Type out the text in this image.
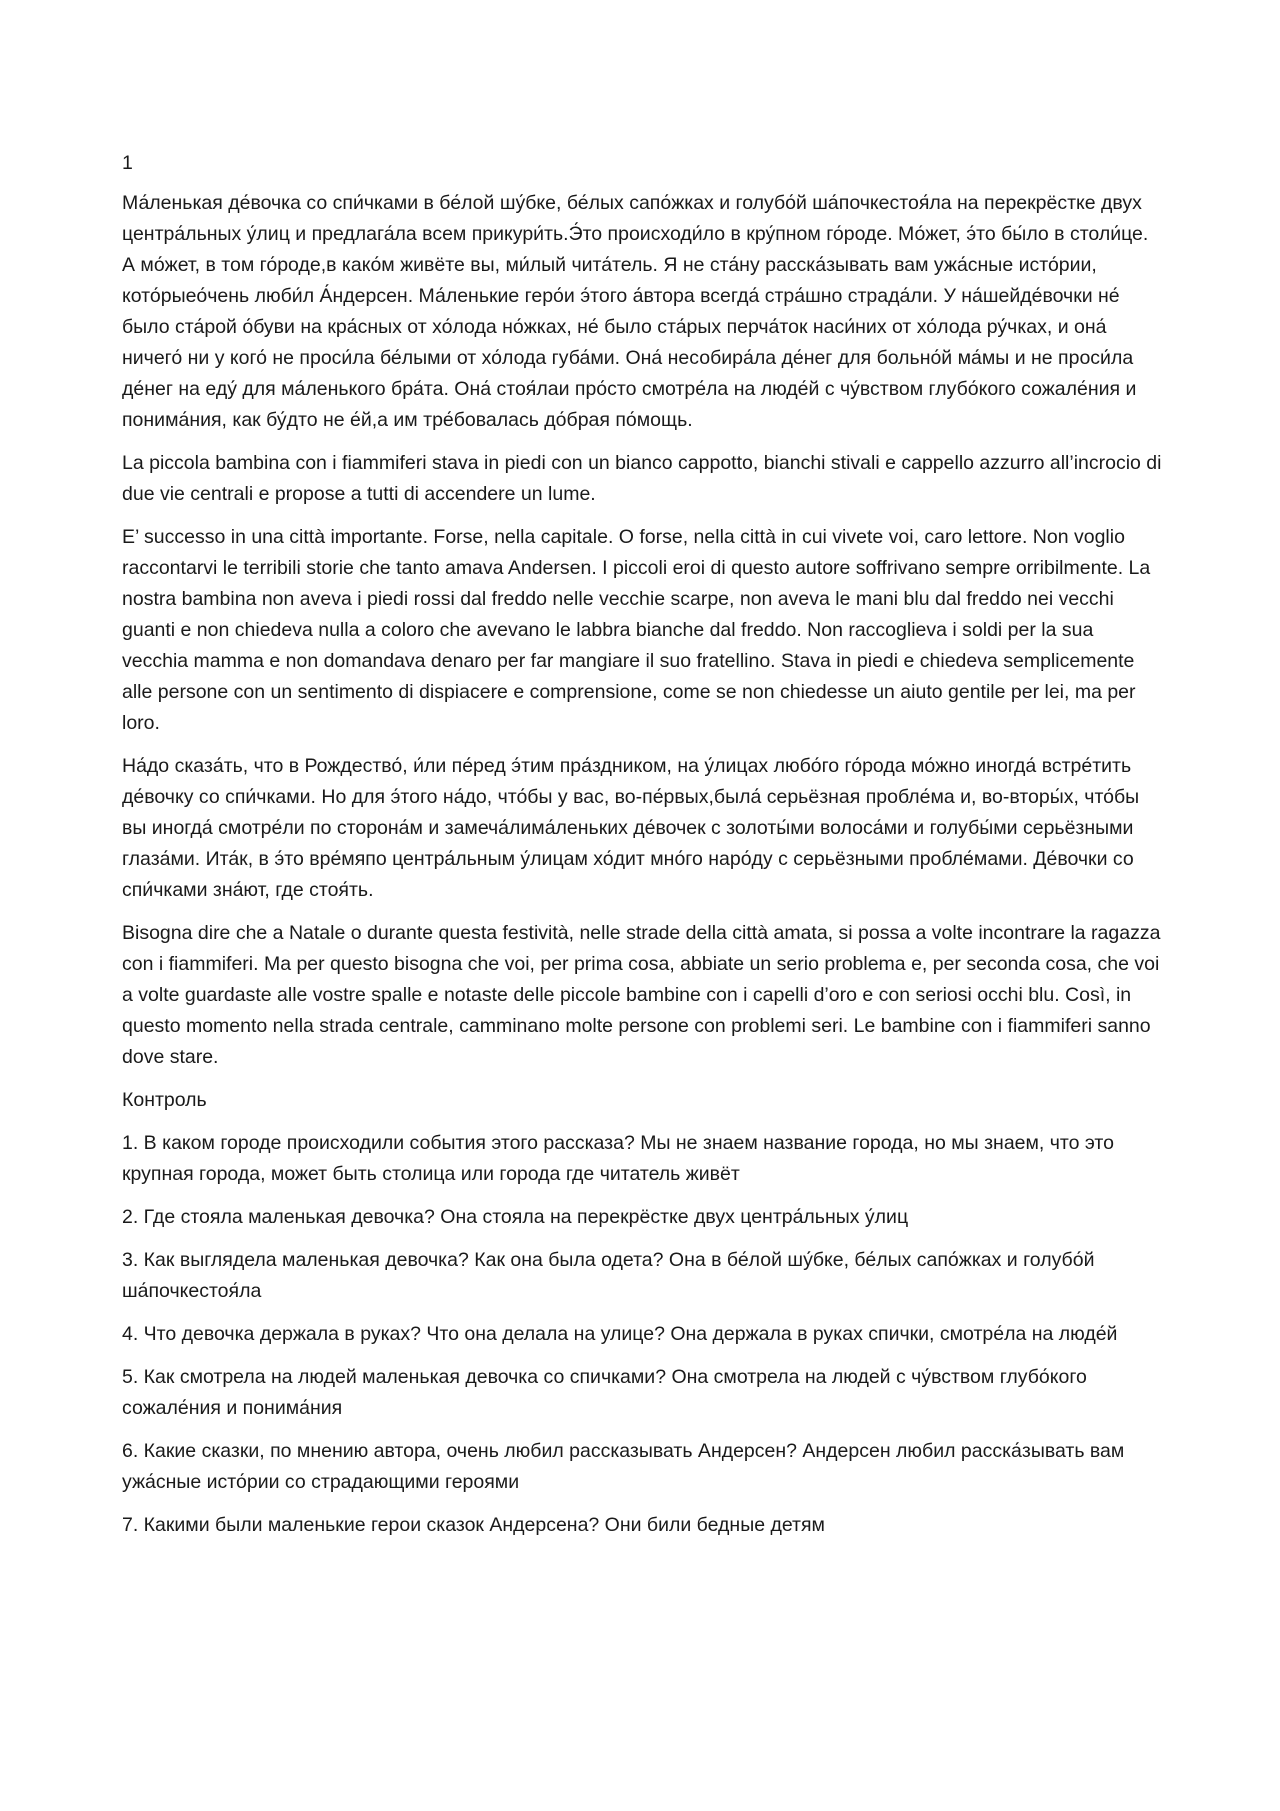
1

Ма́ленькая де́вочка со спи́чками в бе́лой шу́бке, бе́лых сапо́жках и голубо́й ша́почкестоя́ла на перекрёстке двух центра́льных у́лиц и предлага́ла всем прикури́ть.Э́то происходи́ло в кру́пном го́роде. Мо́жет, э́то бы́ло в столи́це. А мо́жет, в том го́роде,в како́м живёте вы, ми́лый чита́тель. Я не ста́ну расска́зывать вам ужа́сные исто́рии, кото́рыео́чень люби́л А́ндерсен. Ма́ленькие геро́и э́того а́втора всегда́ стра́шно страда́ли. У на́шейде́вочки не́ было ста́рой о́буви на кра́сных от хо́лода но́жках, не́ было ста́рых перча́ток наси́них от хо́лода ру́чках, и она́ ничего́ ни у кого́ не проси́ла бе́лыми от хо́лода губа́ми. Она́ несобира́ла де́нег для больно́й ма́мы и не проси́ла де́нег на еду́ для ма́ленького бра́та. Она́ стоя́лаи про́сто смотре́ла на люде́й с чу́вством глубо́кого сожале́ния и понима́ния, как бу́дто не е́й,а им тре́бовалась до́брая по́мощь.

La piccola bambina con i fiammiferi stava in piedi con un bianco cappotto, bianchi stivali e cappello azzurro all’incrocio di due vie centrali e propose a tutti di accendere un lume.

E’ successo in una città importante. Forse, nella capitale. O forse, nella città in cui vivete voi, caro lettore. Non voglio raccontarvi le terribili storie che tanto amava Andersen. I piccoli eroi di questo autore soffrivano sempre orribilmente. La nostra bambina non aveva i piedi rossi dal freddo nelle vecchie scarpe, non aveva le mani blu dal freddo nei vecchi guanti e non chiedeva nulla a coloro che avevano le labbra bianche dal freddo. Non raccoglieva i soldi per la sua vecchia mamma e non domandava denaro per far mangiare il suo fratellino. Stava in piedi e chiedeva semplicemente alle persone con un sentimento di dispiacere e comprensione, come se non chiedesse un aiuto gentile per lei, ma per loro.

На́до сказа́ть, что в Рождество́, и́ли пе́ред э́тим пра́здником, на у́лицах любо́го го́рода мо́жно иногда́ встре́тить де́вочку со спи́чками. Но для э́того на́до, что́бы у вас, во-пе́рвых,была́ серьёзная пробле́ма и, во-вторы́х, что́бы вы иногда́ смотре́ли по сторона́м и замеча́лима́леньких де́вочек с золоты́ми волоса́ми и голубы́ми серьёзными глаза́ми. Ита́к, в э́то вре́мяпо центра́льным у́лицам хо́дит мно́го наро́ду с серьёзными пробле́мами. Де́вочки со спи́чками зна́ют, где стоя́ть.

Bisogna dire che a Natale o durante questa festività, nelle strade della città amata, si possa a volte incontrare la ragazza con i fiammiferi. Ma per questo bisogna che voi, per prima cosa, abbiate un serio problema e, per seconda cosa, che voi a volte guardaste alle vostre spalle e notaste delle piccole bambine con i capelli d’oro e con seriosi occhi blu. Così, in questo momento nella strada centrale, camminano molte persone con problemi seri. Le bambine con i fiammiferi sanno dove stare.

Контроль

1. В каком городе происходили события этого рассказа? Мы не знаем название города, но мы знаем, что это крупная города, может быть столица или города где читатель живёт

2. Где стояла маленькая девочка? Она стояла на перекрёстке двух центра́льных у́лиц

3. Как выглядела маленькая девочка? Как она была одета? Она в бе́лой шу́бке, бе́лых сапо́жках и голубо́й ша́почкестоя́ла

4. Что девочка держала в руках? Что она делала на улице? Она держала в руках спички, смотре́ла на люде́й

5. Как смотрела на людей маленькая девочка со спичками? Она смотрела на людей с чу́вством глубо́кого сожале́ния и понима́ния

6. Какие сказки, по мнению автора, очень любил рассказывать Андерсен? Андерсен любил расска́зывать вам ужа́сные исто́рии со страдающими героями

7. Какими были маленькие герои сказок Андерсена? Они били бедные детям
